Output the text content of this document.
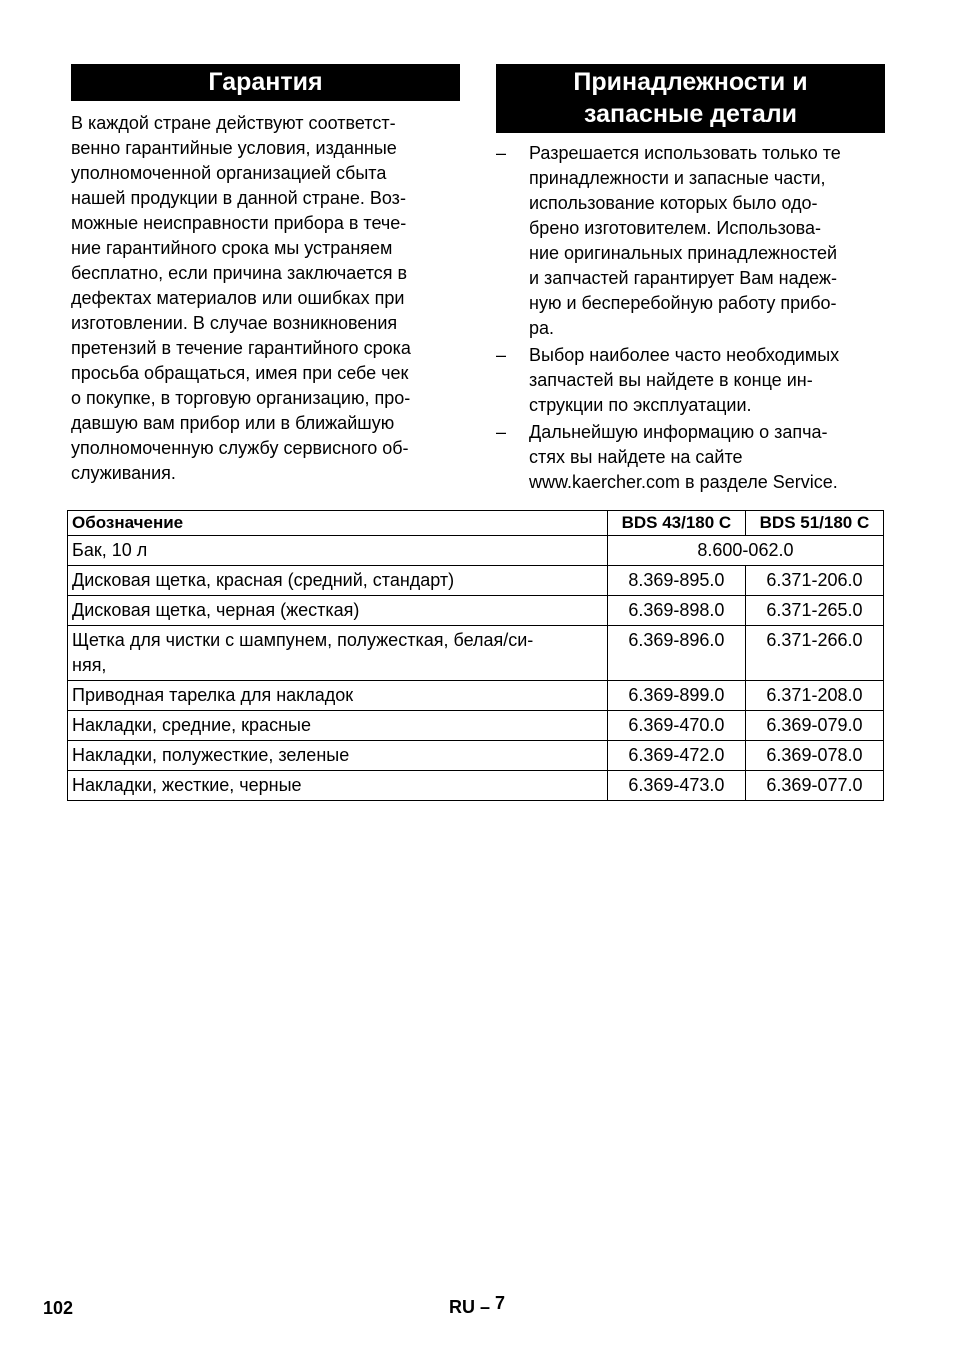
Гарантия
В каждой стране действуют соответст-
венно гарантийные условия, изданные
уполномоченной организацией сбыта
нашей продукции в данной стране. Воз-
можные неисправности прибора в тече-
ние гарантийного срока мы устраняем
бесплатно, если причина заключается в
дефектах материалов или ошибках при
изготовлении. В случае возникновения
претензий в течение гарантийного срока
просьба обращаться, имея при себе чек
о покупке, в торговую организацию, про-
давшую вам прибор или в ближайшую
уполномоченную службу сервисного об-
служивания.
Принадлежности и
запасные детали
– Разрешается использовать только те
принадлежности и запасные части,
использование которых было одо-
брено изготовителем. Использова-
ние оригинальных принадлежностей
и запчастей гарантирует Вам надеж-
ную и бесперебойную работу прибо-
ра.
– Выбор наиболее часто необходимых
запчастей вы найдете в конце ин-
струкции по эксплуатации.
– Дальнейшую информацию о запча-
стях вы найдете на сайте
www.kaercher.com в разделе Service.
Обозначение	BDS 43/180 C	BDS 51/180 C
Бак, 10 л	8.600-062.0	
Дисковая щетка, красная (средний, стандарт)	8.369-895.0	6.371-206.0
Дисковая щетка, черная (жесткая)	6.369-898.0	6.371-265.0

Щетка для чистки с шампунем, полужесткая, белая/си-
няя,	6.369-896.0	6.371-266.0
Приводная тарелка для накладок	6.369-899.0	6.371-208.0
Накладки, средние, красные	6.369-470.0	6.369-079.0
Накладки, полужесткие, зеленые	6.369-472.0	6.369-078.0
Накладки, жесткие, черные	6.369-473.0	6.369-077.0
102	RU – 7
